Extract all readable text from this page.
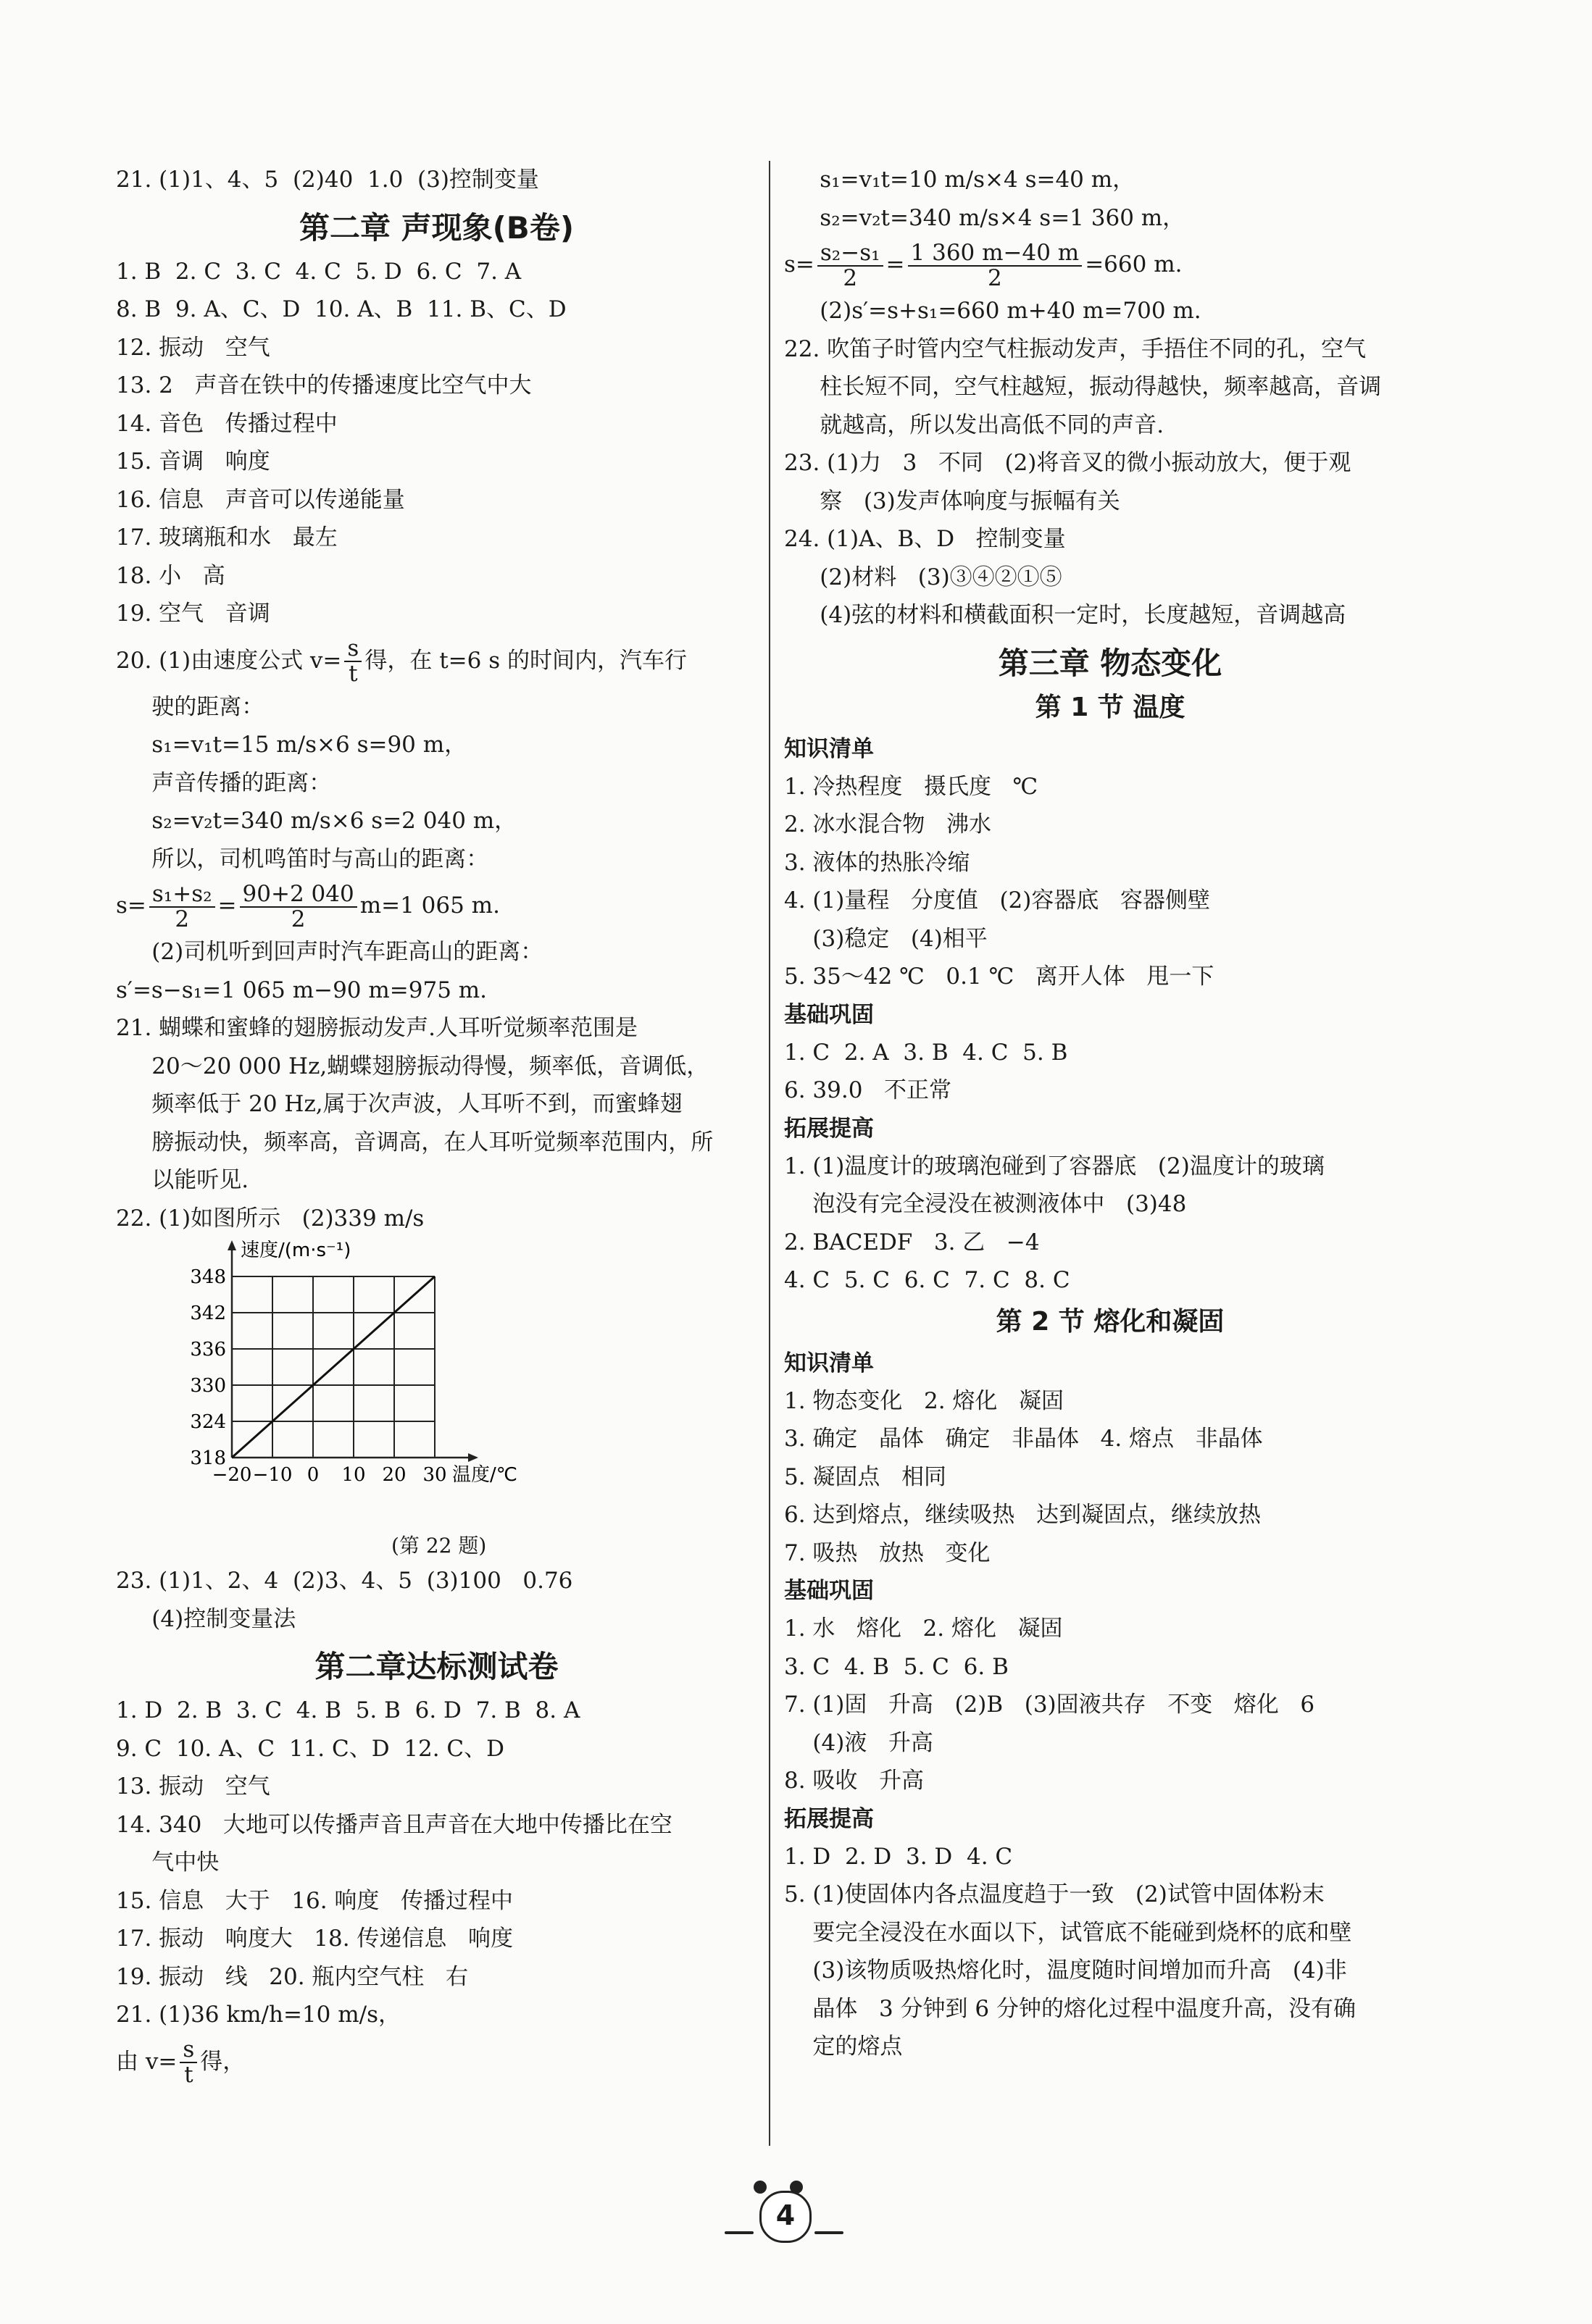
21. (1)1、4、5  (2)40  1.0  (3)控制变量
第二章 声现象(B卷)
1. B  2. C  3. C  4. C  5. D  6. C  7. A
8. B  9. A、C、D  10. A、B  11. B、C、D
12. 振动   空气
13. 2   声音在铁中的传播速度比空气中大
14. 音色   传播过程中
15. 音调   响度
16. 信息   声音可以传递能量
17. 玻璃瓶和水   最左
18. 小   高
19. 空气   音调
20. (1)由速度公式 $v= \frac{s}{t}$ 得，在 t=6 s 的时间内，汽车行
驶的距离：
s₁=v₁t=15 m/s×6 s=90 m，
声音传播的距离：
s₂=v₂t=340 m/s×6 s=2 040 m，
所以，司机鸣笛时与高山的距离：
$s= \frac{\text{s₁+s₂}}{2} = \frac{90+2 040}{2} m=1$ 065 m.
(2)司机听到回声时汽车距高山的距离：
s′=s−s₁=1 065 m−90 m=975 m.
21. 蝴蝶和蜜蜂的翅膀振动发声.人耳听觉频率范围是
20～20 000 Hz,蝴蝶翅膀振动得慢，频率低，音调低，
频率低于 20 Hz,属于次声波，人耳听不到，而蜜蜂翅
膀振动快，频率高，音调高，在人耳听觉频率范围内，所
以能听见.
22. (1)如图所示   (2)339 m/s
−20 −10 0 10 20 30
318
324
330
336
342
348
速度/(m·s⁻¹)
温度/℃
(第 22 题)
23. (1)1、2、4  (2)3、4、5  (3)100   0.76
(4)控制变量法
第二章达标测试卷
1. D  2. B  3. C  4. B  5. B  6. D  7. B  8. A
9. C  10. A、C  11. C、D  12. C、D
13. 振动   空气
14. 340   大地可以传播声音且声音在大地中传播比在空
气中快
15. 信息   大于   16. 响度   传播过程中
17. 振动   响度大   18. 传递信息   响度
19. 振动   线   20. 瓶内空气柱   右
21. (1)36 km/h=10 m/s，
由 $v= \frac{s}{t}$ 得，
s₁=v₁t=10 m/s×4 s=40 m，
s₂=v₂t=340 m/s×4 s=1 360 m，
$s= \frac{\text{s₂−s₁}}{2} = \frac{1 360 m-40 m}{2} =660$ m.
(2)s′=s+s₁=660 m+40 m=700 m.
22. 吹笛子时管内空气柱振动发声，手捂住不同的孔，空气
柱长短不同，空气柱越短，振动得越快，频率越高，音调
就越高，所以发出高低不同的声音.
23. (1)力   3   不同   (2)将音叉的微小振动放大，便于观
察   (3)发声体响度与振幅有关
24. (1)A、B、D   控制变量
(2)材料   (3)③④②①⑤
(4)弦的材料和横截面积一定时，长度越短，音调越高
第三章 物态变化
第 1 节 温度
知识清单
1. 冷热程度   摄氏度   ℃
2. 冰水混合物   沸水
3. 液体的热胀冷缩
4. (1)量程   分度值   (2)容器底   容器侧壁
(3)稳定   (4)相平
5. 35～42 ℃   0.1 ℃   离开人体   甩一下
基础巩固
1. C  2. A  3. B  4. C  5. B
6. 39.0   不正常
拓展提高
1. (1)温度计的玻璃泡碰到了容器底   (2)温度计的玻璃
泡没有完全浸没在被测液体中   (3)48
2. BACEDF   3. 乙   −4
4. C  5. C  6. C  7. C  8. C
第 2 节 熔化和凝固
知识清单
1. 物态变化   2. 熔化   凝固
3. 确定   晶体   确定   非晶体   4. 熔点   非晶体
5. 凝固点   相同
6. 达到熔点，继续吸热   达到凝固点，继续放热
7. 吸热   放热   变化
基础巩固
1. 水   熔化   2. 熔化   凝固
3. C  4. B  5. C  6. B
7. (1)固   升高   (2)B   (3)固液共存   不变   熔化   6
(4)液   升高
8. 吸收   升高
拓展提高
1. D  2. D  3. D  4. C
5. (1)使固体内各点温度趋于一致   (2)试管中固体粉末
要完全浸没在水面以下，试管底不能碰到烧杯的底和壁
(3)该物质吸热熔化时，温度随时间增加而升高   (4)非
晶体   3 分钟到 6 分钟的熔化过程中温度升高，没有确
定的熔点
4
